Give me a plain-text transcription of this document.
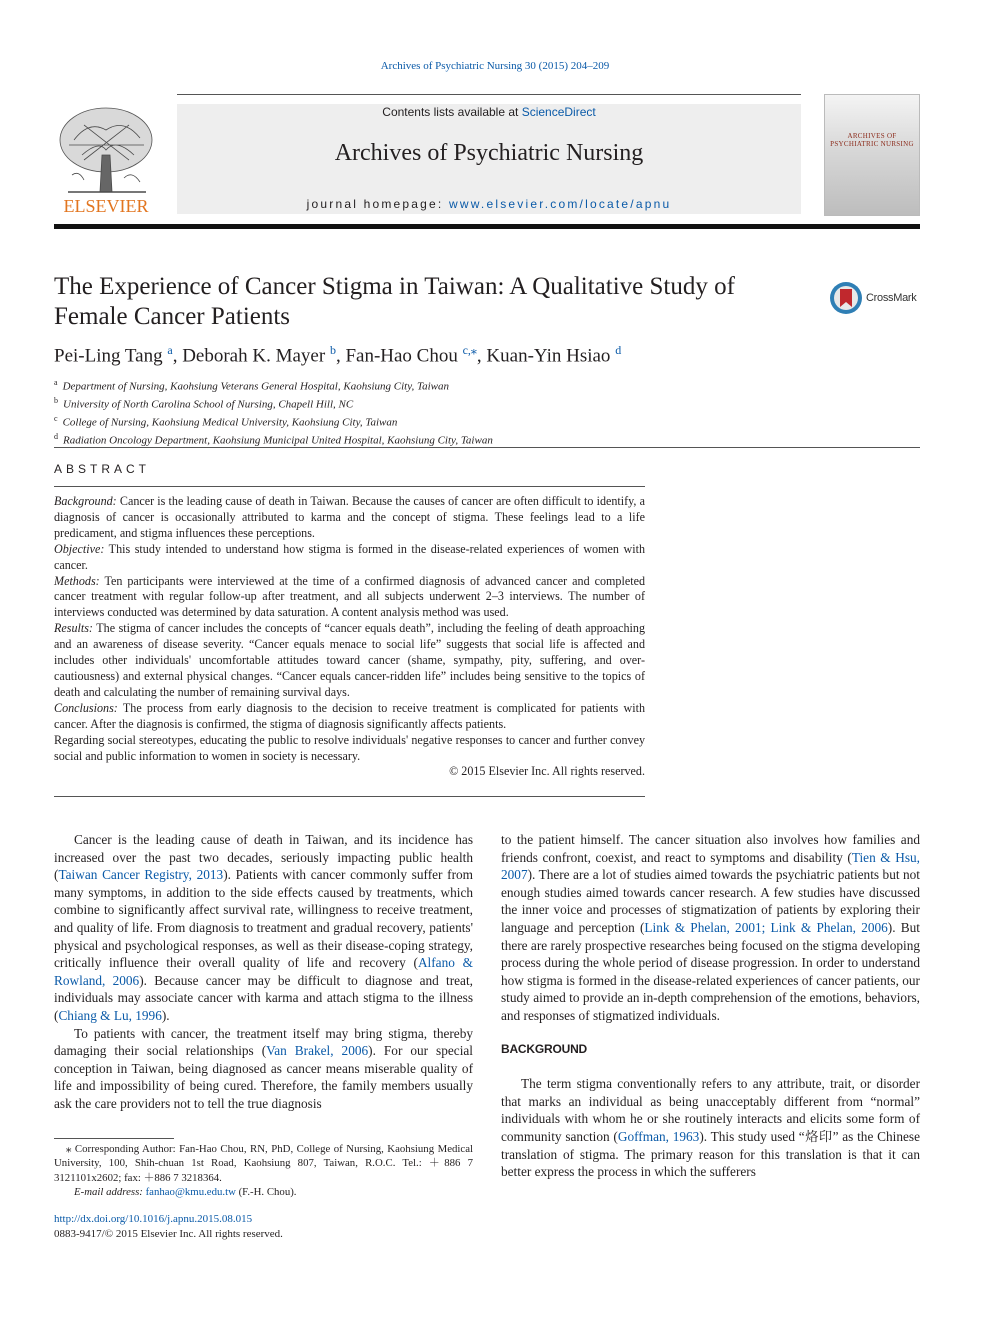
Archives of Psychiatric Nursing 30 (2015) 204–209
ELSEVIER
Contents lists available at ScienceDirect
Archives of Psychiatric Nursing
journal homepage: www.elsevier.com/locate/apnu
ARCHIVES OF PSYCHIATRIC NURSING
The Experience of Cancer Stigma in Taiwan: A Qualitative Study of Female Cancer Patients
CrossMark
Pei-Ling Tang $^a$, Deborah K. Mayer $^b$, Fan-Hao Chou $^{c,⁎}$, Kuan-Yin Hsiao $^d$
$^a$ Department of Nursing, Kaohsiung Veterans General Hospital, Kaohsiung City, Taiwan
$^b$ University of North Carolina School of Nursing, Chapell Hill, NC
$^c$ College of Nursing, Kaohsiung Medical University, Kaohsiung City, Taiwan
$^d$ Radiation Oncology Department, Kaohsiung Municipal United Hospital, Kaohsiung City, Taiwan
ABSTRACT

Background: Cancer is the leading cause of death in Taiwan. Because the causes of cancer are often difficult to identify, a diagnosis of cancer is occasionally attributed to karma and the concept of stigma. These feelings lead to a life predicament, and stigma influences these perceptions.

Objective: This study intended to understand how stigma is formed in the disease-related experiences of women with cancer.

Methods: Ten participants were interviewed at the time of a confirmed diagnosis of advanced cancer and completed cancer treatment with regular follow-up after treatment, and all subjects underwent 2–3 interviews. The number of interviews conducted was determined by data saturation. A content analysis method was used.

Results: The stigma of cancer includes the concepts of “cancer equals death”, including the feeling of death approaching and an awareness of disease severity. “Cancer equals menace to social life” suggests that social life is affected and includes other individuals' uncomfortable attitudes toward cancer (shame, sympathy, pity, suffering, and over-cautiousness) and external physical changes. “Cancer equals cancer-ridden life” includes being sensitive to the topics of death and calculating the number of remaining survival days.

Conclusions: The process from early diagnosis to the decision to receive treatment is complicated for patients with cancer. After the diagnosis is confirmed, the stigma of diagnosis significantly affects patients.

Regarding social stereotypes, educating the public to resolve individuals' negative responses to cancer and further convey social and public information to women in society is necessary.

© 2015 Elsevier Inc. All rights reserved.

Cancer is the leading cause of death in Taiwan, and its incidence has increased over the past two decades, seriously impacting public health (Taiwan Cancer Registry, 2013). Patients with cancer commonly suffer from many symptoms, in addition to the side effects caused by treatments, which combine to significantly affect survival rate, willingness to receive treatment, and quality of life. From diagnosis to treatment and gradual recovery, patients' physical and psychological responses, as well as their disease-coping strategy, critically influence their overall quality of life and recovery (Alfano & Rowland, 2006). Because cancer may be difficult to diagnose and treat, individuals may associate cancer with karma and attach stigma to the illness (Chiang & Lu, 1996).

To patients with cancer, the treatment itself may bring stigma, thereby damaging their social relationships (Van Brakel, 2006). For our special conception in Taiwan, being diagnosed as cancer means miserable quality of life and impossibility of being cured. Therefore, the family members usually ask the care providers not to tell the true diagnosis

to the patient himself. The cancer situation also involves how families and friends confront, coexist, and react to symptoms and disability (Tien & Hsu, 2007). There are a lot of studies aimed towards the psychiatric patients but not enough studies aimed towards cancer research. A few studies have discussed the inner voice and processes of stigmatization of patients by exploring their language and perception (Link & Phelan, 2001; Link & Phelan, 2006). But there are rarely prospective researches being focused on the stigma developing process during the whole period of disease progression. In order to understand how stigma is formed in the disease-related experiences of cancer patients, our study aimed to provide an in-depth comprehension of the emotions, behaviors, and responses of stigmatized individuals.

BACKGROUND

The term stigma conventionally refers to any attribute, trait, or disorder that marks an individual as being unacceptably different from “normal” individuals with whom he or she routinely interacts and elicits some form of community sanction (Goffman, 1963). This study used “烙印” as the Chinese translation of stigma. The primary reason for this translation is that it can better express the process in which the sufferers

⁎ Corresponding Author: Fan-Hao Chou, RN, PhD, College of Nursing, Kaohsiung Medical University, 100, Shih-chuan 1st Road, Kaohsiung 807, Taiwan, R.O.C. Tel.: ＋886 7 3121101x2602; fax: ＋886 7 3218364.

E-mail address: fanhao@kmu.edu.tw (F.-H. Chou).

http://dx.doi.org/10.1016/j.apnu.2015.08.015
0883-9417/© 2015 Elsevier Inc. All rights reserved.
